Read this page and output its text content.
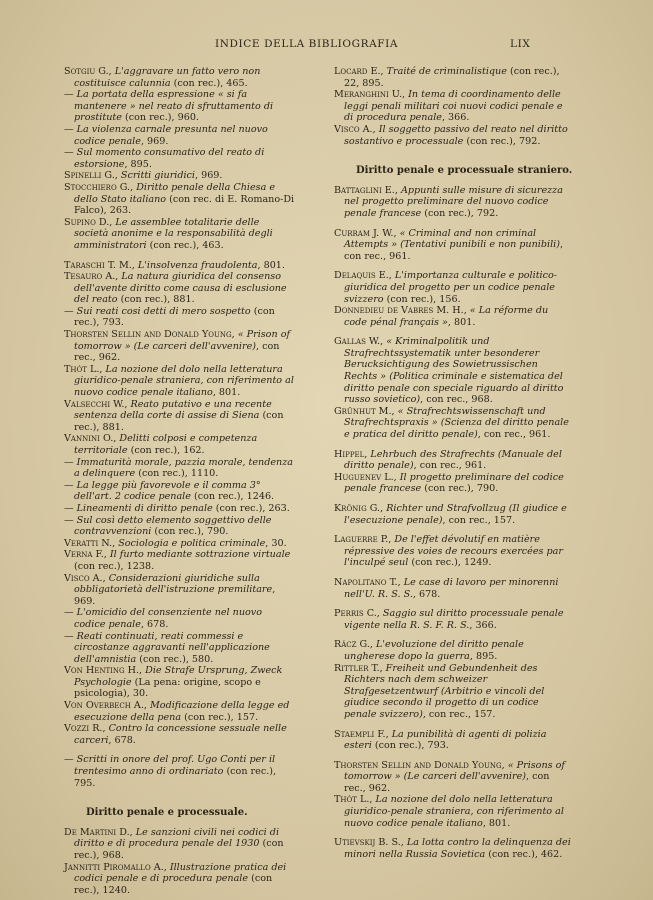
INDICE DELLA BIBLIOGRAFIA	LIX
Sotgiu G., L'aggravare un fatto vero non costituisce calunnia (con rec.), 465.
— La portata della espressione « si fa mantenere » nel reato di sfruttamento di prostitute (con rec.), 960.
— La violenza carnale presunta nel nuovo codice penale, 969.
— Sul momento consumativo del reato di estorsione, 895.
Spinelli G., Scritti giuridici, 969.
Stocchiero G., Diritto penale della Chiesa e dello Stato italiano (con rec. di E. Romano-Di Falco), 263.
Supino D., Le assemblee totalitarie delle società anonime e la responsabilità degli amministratori (con rec.), 463.
Taraschi T. M., L'insolvenza fraudolenta, 801.
Tesauro A., La natura giuridica del consenso dell'avente diritto come causa di esclusione del reato (con rec.), 881.
— Sui reati cosi detti di mero sospetto (con rec.), 793.
Thorsten Sellin and Donald Young, « Prison of tomorrow » (Le carceri dell'avvenire), con rec., 962.
Thót L., La nozione del dolo nella letteratura giuridico-penale straniera, con riferimento al nuovo codice penale italiano, 801.
Valsecchi W., Reato putativo e una recente sentenza della corte di assise di Siena (con rec.), 881.
Vannini O., Delitti colposi e competenza territoriale (con rec.), 162.
— Immaturità morale, pazzia morale, tendenza a delinquere (con rec.), 1110.
— La legge più favorevole e il comma 3° dell'art. 2 codice penale (con rec.), 1246.
— Lineamenti di diritto penale (con rec.), 263.
— Sul così detto elemento soggettivo delle contravvenzioni (con rec.), 790.
Veratti N., Sociologia e politica criminale, 30.
Verna F., Il furto mediante sottrazione virtuale (con rec.), 1238.
Visco A., Considerazioni giuridiche sulla obbligatorietà dell'istruzione premilitare, 969.
— L'omicidio del consenziente nel nuovo codice penale, 678.
— Reati continuati, reati commessi e circostanze aggravanti nell'applicazione dell'amnistia (con rec.), 580.
Von Henting H., Die Strafe Ursprung, Zweck Psychologie (La pena: origine, scopo e psicologia), 30.
Von Overbech A., Modificazione della legge ed esecuzione della pena (con rec.), 157.
Vozzi R., Contro la concessione sessuale nelle carceri, 678.
— Scritti in onore del prof. Ugo Conti per il trentesimo anno di ordinariato (con rec.), 795.
Diritto penale e processuale.
De Martini D., Le sanzioni civili nei codici di diritto e di procedura penale del 1930 (con rec.), 968.
Jannitti Piromallo A., Illustrazione pratica dei codici penale e di procedura penale (con rec.), 1240.
Locard E., Traité de criminalistique (con rec.), 22, 895.
Meranghini U., In tema di coordinamento delle leggi penali militari coi nuovi codici penale e di procedura penale, 366.
Visco A., Il soggetto passivo del reato nel diritto sostantivo e processuale (con rec.), 792.
Diritto penale e processuale straniero.
Battaglini E., Appunti sulle misure di sicurezza nel progetto preliminare del nuovo codice penale francese (con rec.), 792.
Curram J. W., « Criminal and non criminal Attempts » (Tentativi punibili e non punibili), con rec., 961.
Delaquis E., L'importanza culturale e politico-giuridica del progetto per un codice penale svizzero (con rec.), 156.
Donnedieu de Vabres M. H., « La réforme du code pénal français », 801.
Gallas W., « Kriminalpolitik und Strafrechtssystematik unter besonderer Berucksichtigung des Sowietrussischen Rechts » (Politica criminale e sistematica del diritto penale con speciale riguardo al diritto russo sovietico), con rec., 968.
Grünhut M., « Strafrechtswissenschaft und Strafrechtspraxis » (Scienza del diritto penale e pratica del diritto penale), con rec., 961.
Hippel, Lehrbuch des Strafrechts (Manuale del diritto penale), con rec., 961.
Huguenev L., Il progetto preliminare del codice penale francese (con rec.), 790.
Krönig G., Richter und Strafvollzug (Il giudice e l'esecuzione penale), con rec., 157.
Laguerre P., De l'effet dévolutif en matière répressive des voies de recours exercées par l'inculpé seul (con rec.), 1249.
Napolitano T., Le case di lavoro per minorenni nell'U. R. S. S., 678.
Perris C., Saggio sul diritto processuale penale vigente nella R. S. F. R. S., 366.
Rácz G., L'evoluzione del diritto penale ungherese dopo la guerra, 895.
Rittler T., Freiheit und Gebundenheit des Richters nach dem schweizer Strafgesetzentwurf (Arbitrio e vincoli del giudice secondo il progetto di un codice penale svizzero), con rec., 157.
Staempli F., La punibilità di agenti di polizia esteri (con rec.), 793.
Thorsten Sellin and Donald Young, « Prisons of tomorrow » (Le carceri dell'avvenire), con rec., 962.
Thót L., La nozione del dolo nella letteratura giuridico-penale straniera, con riferimento al nuovo codice penale italiano, 801.
Utievskij B. S., La lotta contro la delinquenza dei minori nella Russia Sovietica (con rec.), 462.
